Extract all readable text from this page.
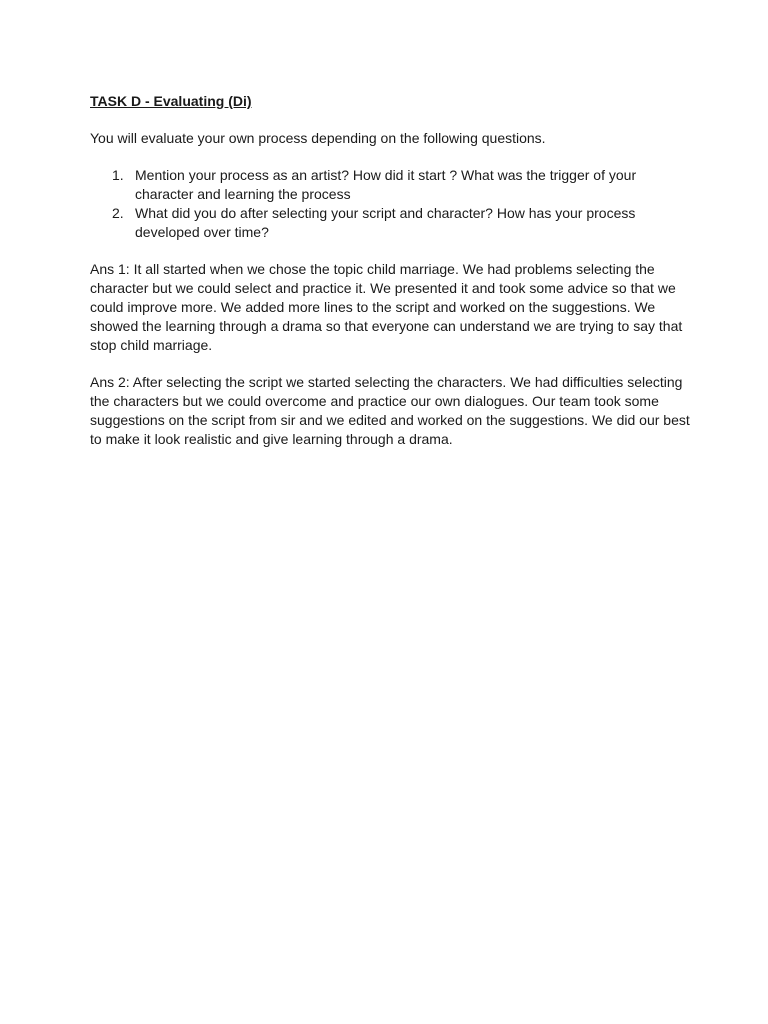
TASK D - Evaluating (Di)

You will evaluate your own process depending on the following questions.

1. Mention your process as an artist? How did it start ? What was the trigger of your character and learning the process
2. What did you do after selecting your script and character? How has your process developed over time?

Ans 1: It all started when we chose the topic child marriage. We had problems selecting the character but we could select and practice it. We presented it and took some advice so that we could improve more. We added more lines to the script and worked on the suggestions. We showed the learning through a drama so that everyone can understand we are trying to say that stop child marriage.

Ans 2: After selecting the script we started selecting the characters. We had difficulties selecting the characters but we could overcome and practice our own dialogues. Our team took some suggestions on the script from sir and we edited and worked on the suggestions. We did our best to make it look realistic and give learning through a drama.
